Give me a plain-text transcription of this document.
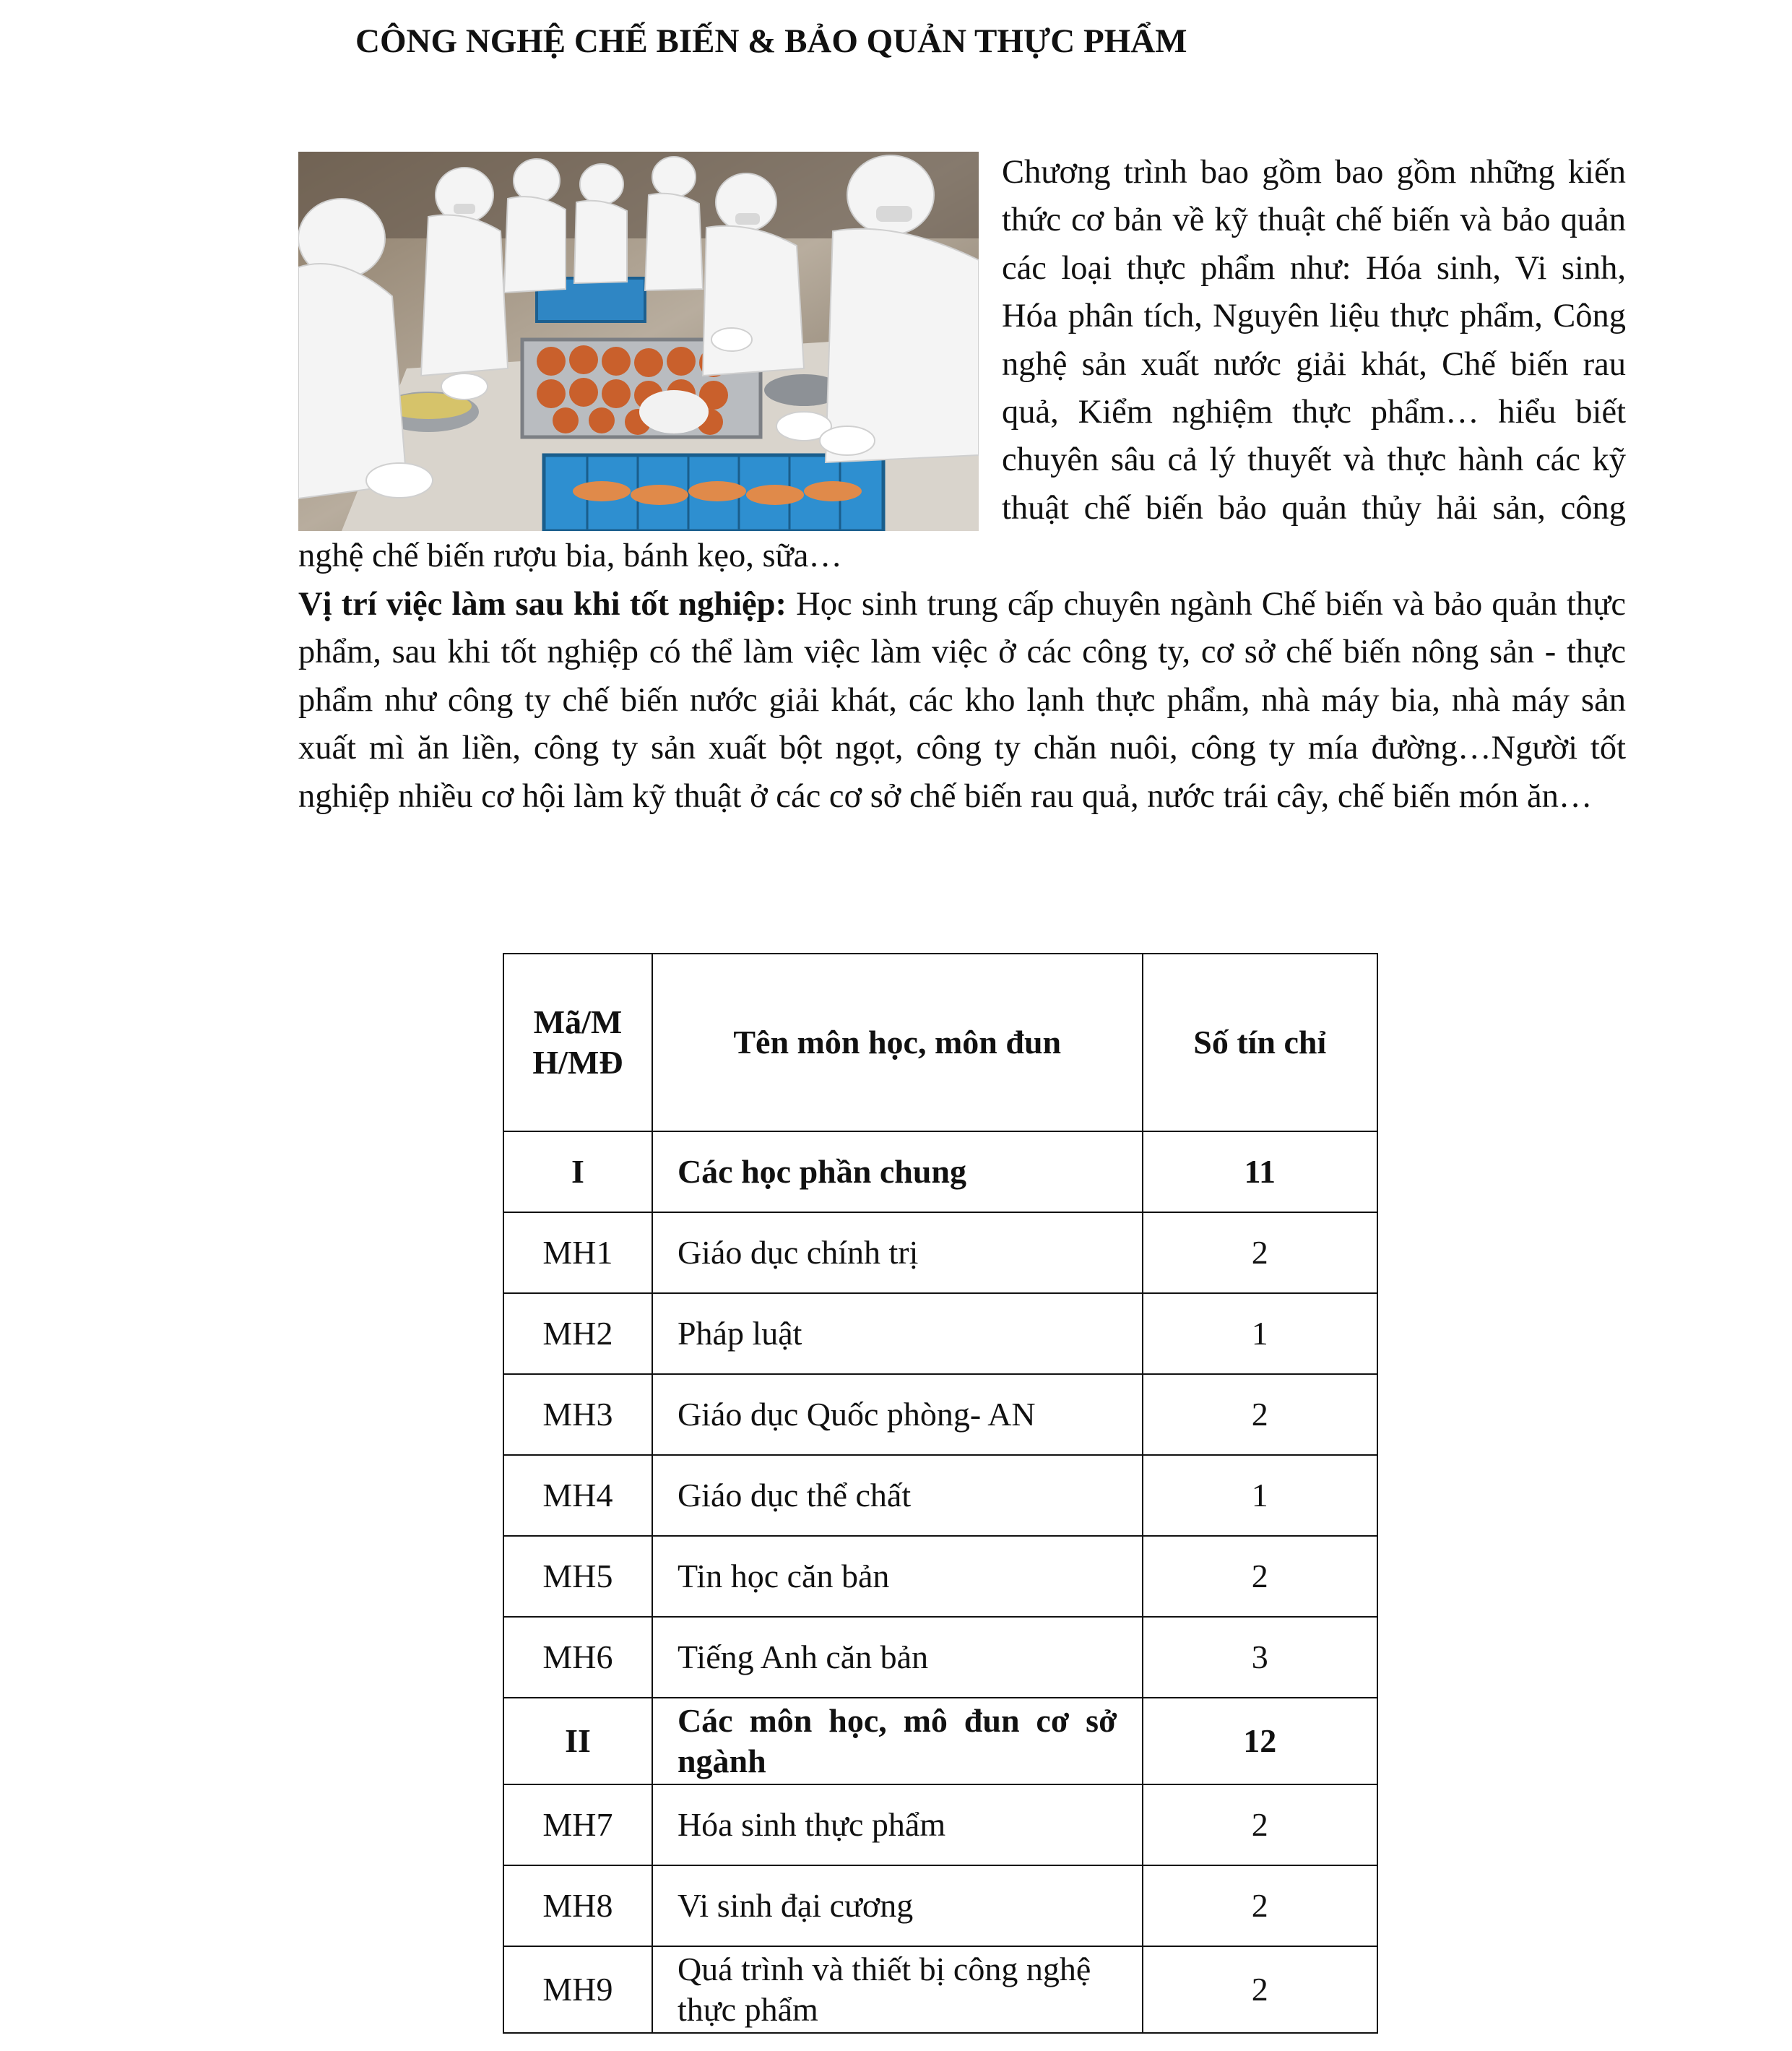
CÔNG NGHỆ CHẾ BIẾN & BẢO QUẢN THỰC PHẨM

Chương trình bao gồm bao gồm những kiến thức cơ bản về kỹ thuật chế biến và bảo quản các loại thực phẩm như: Hóa sinh, Vi sinh, Hóa phân tích, Nguyên liệu thực phẩm, Công nghệ sản xuất nước giải khát, Chế biến rau quả, Kiểm nghiệm thực phẩm… hiểu biết chuyên sâu cả lý thuyết và thực hành các kỹ thuật chế biến bảo quản thủy hải sản, công nghệ chế biến rượu bia, bánh kẹo, sữa…

Vị trí việc làm sau khi tốt nghiệp: Học sinh trung cấp chuyên ngành Chế biến và bảo quản thực phẩm, sau khi tốt nghiệp có thể làm việc làm việc ở các công ty, cơ sở chế biến nông sản - thực phẩm như công ty chế biến nước giải khát, các kho lạnh thực phẩm, nhà máy bia, nhà máy sản xuất mì ăn liền, công ty sản xuất bột ngọt, công ty chăn nuôi, công ty mía đường…Người tốt nghiệp nhiều cơ hội làm kỹ thuật ở các cơ sở chế biến rau quả, nước trái cây, chế biến món ăn…

Mã/M H/MĐ	Tên môn học, môn đun	Số tín chỉ
I	Các học phần chung	11
MH1	Giáo dục chính trị	2
MH2	Pháp luật	1
MH3	Giáo dục Quốc phòng- AN	2
MH4	Giáo dục thể chất	1
MH5	Tin học căn bản	2
MH6	Tiếng Anh căn bản	3
II	Các môn học, mô đun cơ sở ngành	12
MH7	Hóa sinh thực phẩm	2
MH8	Vi sinh đại cương	2
MH9	Quá trình và thiết bị công nghệ thực phẩm	2
